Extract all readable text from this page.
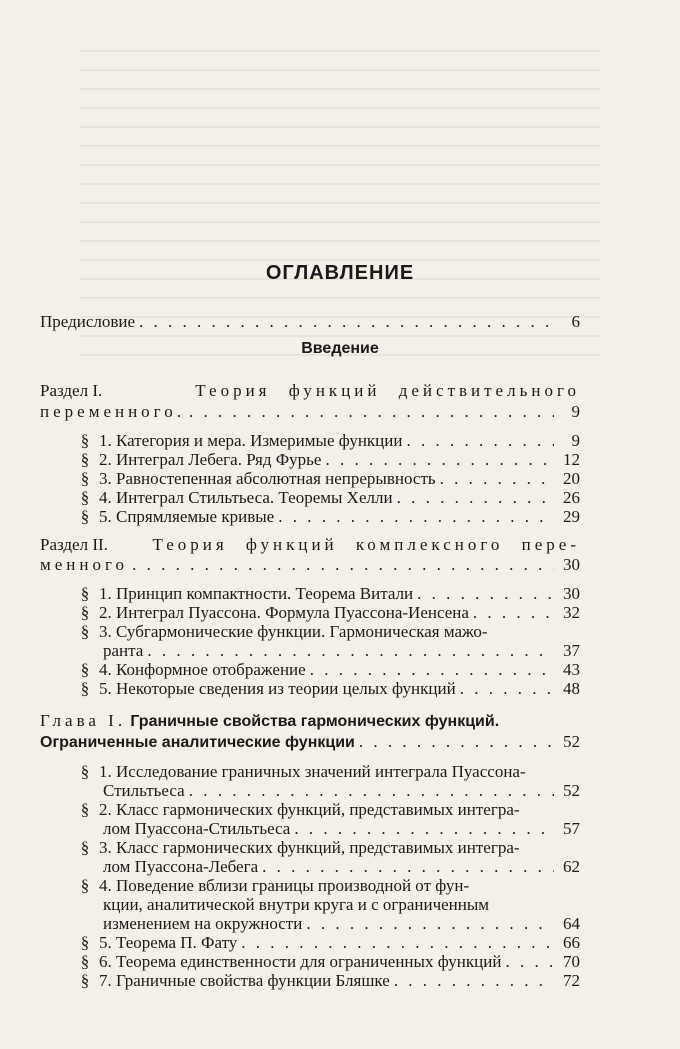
ОГЛАВЛЕНИЕ
Предисловие . . .	6
Введение
Раздел I.	Теория функций действительного
переменного. . . .	9
§ 1. Категория и мера. Измеримые функции . . .	9
§ 2. Интеграл Лебега. Ряд Фурье . . .	12
§ 3. Равностепенная абсолютная непрерывность . . .	20
§ 4. Интеграл Стильтьеса. Теоремы Хелли . . .	26
§ 5. Спрямляемые кривые . . .	29
Раздел II.	Теория функций комплексного пере-
менного . . .	30
§ 1. Принцип компактности. Теорема Витали . . .	30
§ 2. Интеграл Пуассона. Формула Пуассона-Иенсена . . .	32
§ 3. Субгармонические функции. Гармоническая мажо-
ранта . . .	37
§ 4. Конформное отображение . . .	43
§ 5. Некоторые сведения из теории целых функций . . .	48
Глава I. Граничные свойства гармонических функций.
Ограниченные аналитические функции . . .	52
§ 1. Исследование граничных значений интеграла Пуассона-
Стильтьеса . . .	52
§ 2. Класс гармонических функций, представимых интегра-
лом Пуассона-Стильтьеса . . .	57
§ 3. Класс гармонических функций, представимых интегра-
лом Пуассона-Лебега . . .	62
§ 4. Поведение вблизи границы производной от фун-
кции, аналитической внутри круга и с ограниченным
изменением на окружности . . .	64
§ 5. Теорема П. Фату . . .	66
§ 6. Теорема единственности для ограниченных функций . . .	70
§ 7. Граничные свойства функции Бляшке . . .	72
